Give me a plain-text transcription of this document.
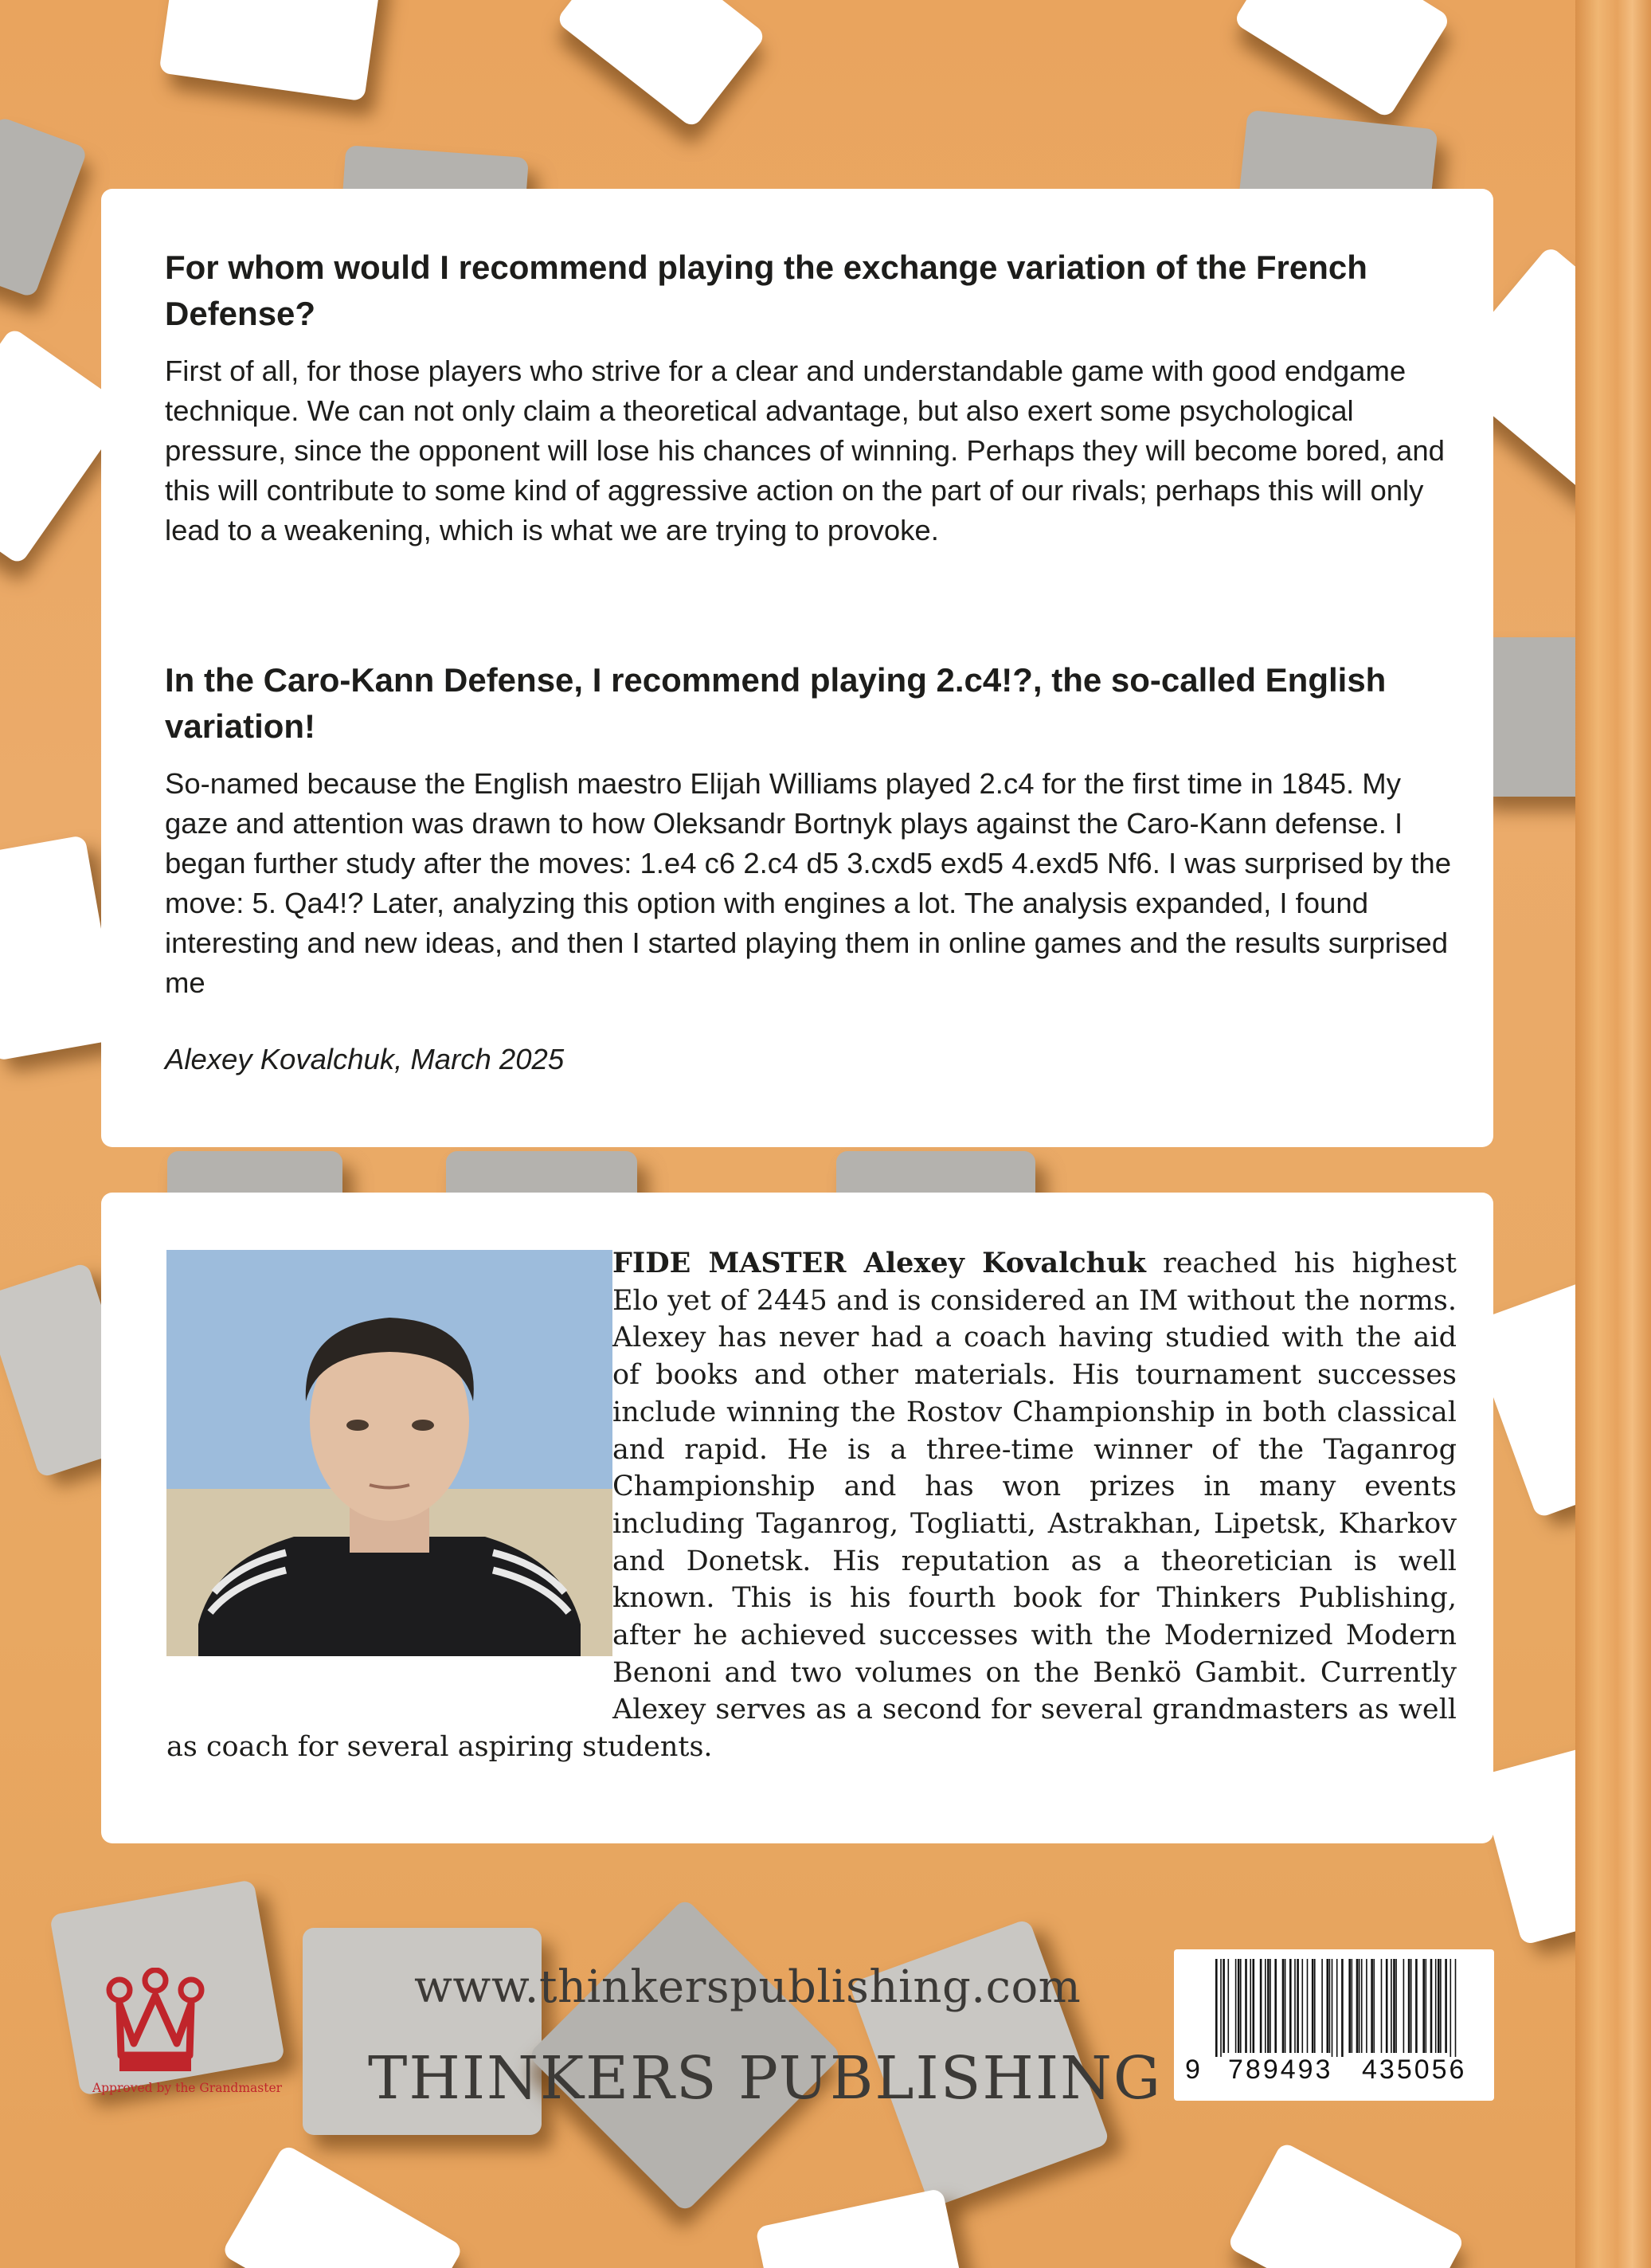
For whom would I recommend playing the exchange variation of the French Defense?

First of all, for those players who strive for a clear and understandable game with good endgame technique. We can not only claim a theoretical advantage, but also exert some psychological pressure, since the opponent will lose his chances of winning. Perhaps they will become bored, and this will contribute to some kind of aggressive action on the part of our rivals; perhaps this will only lead to a weakening, which is what we are trying to provoke.

In the Caro-Kann Defense, I recommend playing 2.c4!?, the so-called English variation!

So-named because the English maestro Elijah Williams played 2.c4 for the first time in 1845. My gaze and attention was drawn to how Oleksandr Bortnyk plays against the Caro-Kann defense. I began further study after the moves: 1.e4 c6 2.c4 d5 3.cxd5 exd5 4.exd5 Nf6. I was surprised by the move: 5. Qa4!? Later, analyzing this option with engines a lot. The analysis expanded, I found interesting and new ideas, and then I started playing them in online games and the results surprised me

Alexey Kovalchuk, March 2025

FIDE MASTER Alexey Kovalchuk reached his highest Elo yet of 2445 and is considered an IM without the norms. Alexey has never had a coach having studied with the aid of books and other materials. His tournament successes include winning the Rostov Championship in both classical and rapid. He is a three-time winner of the Taganrog Championship and has won prizes in many events including Taganrog, Togliatti, Astrakhan, Lipetsk, Kharkov and Donetsk. His reputation as a theoretician is well known. This is his fourth book for Thinkers Publishing, after he achieved successes with the Modernized Modern Benoni and two volumes on the Benkö Gambit. Currently Alexey serves as a second for several grandmasters as well as coach for several aspiring students.

Approved by the Grandmaster

www.thinkerspublishing.com

THINKERS PUBLISHING 9 789493 435056
